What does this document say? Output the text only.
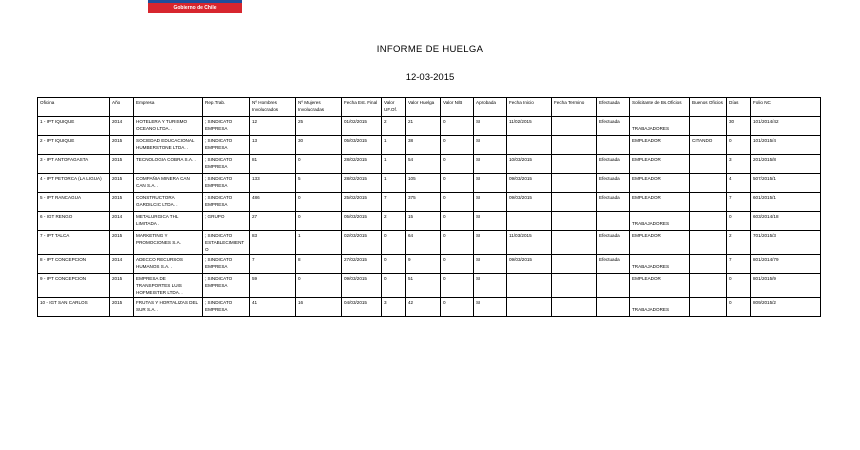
Gobierno de Chile
INFORME DE HUELGA
12-03-2015
Oficina	Año	Empresa	Rep.Trab.	Nº Hombres Involucrados	Nº Mujeres Involucradas	Fecha Est. Final	Valor UF.Of.	Valor Huelga	Valor N/B	Aprobada	Fecha Inicio	Fecha Termino	Efectuada	Solicitante de Bs.Oficios	Buenos Oficios	Días	Folio NC
1 - IPT IQUIQUE	2014	HOTELERA Y TURISMO OCEANO LTDA. .	; SINDICATO EMPRESA	12	25	01/02/2015	2	21	0	SI	11/02/2015		Efectuada	TRABAJADORES		30	101/2014/42
2 - IPT IQUIQUE	2015	SOCIEDAD EDUCACIONAL HUMBERSTONE LTDA. .	; SINDICATO EMPRESA	13	30	05/03/2015	1	38	0	SI				EMPLEADOR	CITANDO	0	101/2015/4
3 - IPT ANTOFAGASTA	2015	TECNOLOGIA COBRA S.A. .	; SINDICATO EMPRESA	81	0	28/02/2015	1	54	0	SI	10/03/2015		Efectuada	EMPLEADOR		3	201/2015/8
4 - IPT PETORCA (LA LIGUA)	2015	COMPAÑIA MINERA CAN CAN S.A. .	; SINDICATO EMPRESA	133	5	28/02/2015	1	105	0	SI	09/03/2015		Efectuada	EMPLEADOR		4	507/2015/1
5 - IPT RANCAGUA	2015	CONSTRUCTORA GARDILCIC LTDA. .	; SINDICATO EMPRESA	486	0	25/02/2015	7	375	0	SI	09/03/2015		Efectuada	EMPLEADOR		7	601/2015/1
6 - IGT RENGO	2014	METALURGICA THL LIMITADA .	; GRUPO	27	0	05/03/2015	2	15	0	SI				TRABAJADORES		0	603/2014/18
7 - IPT TALCA	2015	MARKETING Y PROMOCIONES S.A.	; SINDICATO ESTABLECIMIENTO	83	1	02/03/2015	0	64	0	SI	11/03/2015		Efectuada	EMPLEADOR		2	701/2015/3
8 - IPT CONCEPCION	2014	ADECCO RECURSOS HUMANOS S.A. .	; SINDICATO EMPRESA	7	8	27/02/2015	0	9	0	SI	09/03/2015		Efectuada	TRABAJADORES		7	801/2014/79
9 - IPT CONCEPCION	2015	EMPRESA DE TRANSPORTES LUIS HOFMEISTER LTDA. .	; SINDICATO EMPRESA	59	0	09/03/2015	0	51	0	SI				EMPLEADOR		0	801/2015/9
10 - IGT SAN CARLOS	2015	FRUTAS Y HORTALIZAS DEL SUR S.A. .	; SINDICATO EMPRESA	41	16	04/03/2015	3	42	0	SI				TRABAJADORES		0	809/2015/2
